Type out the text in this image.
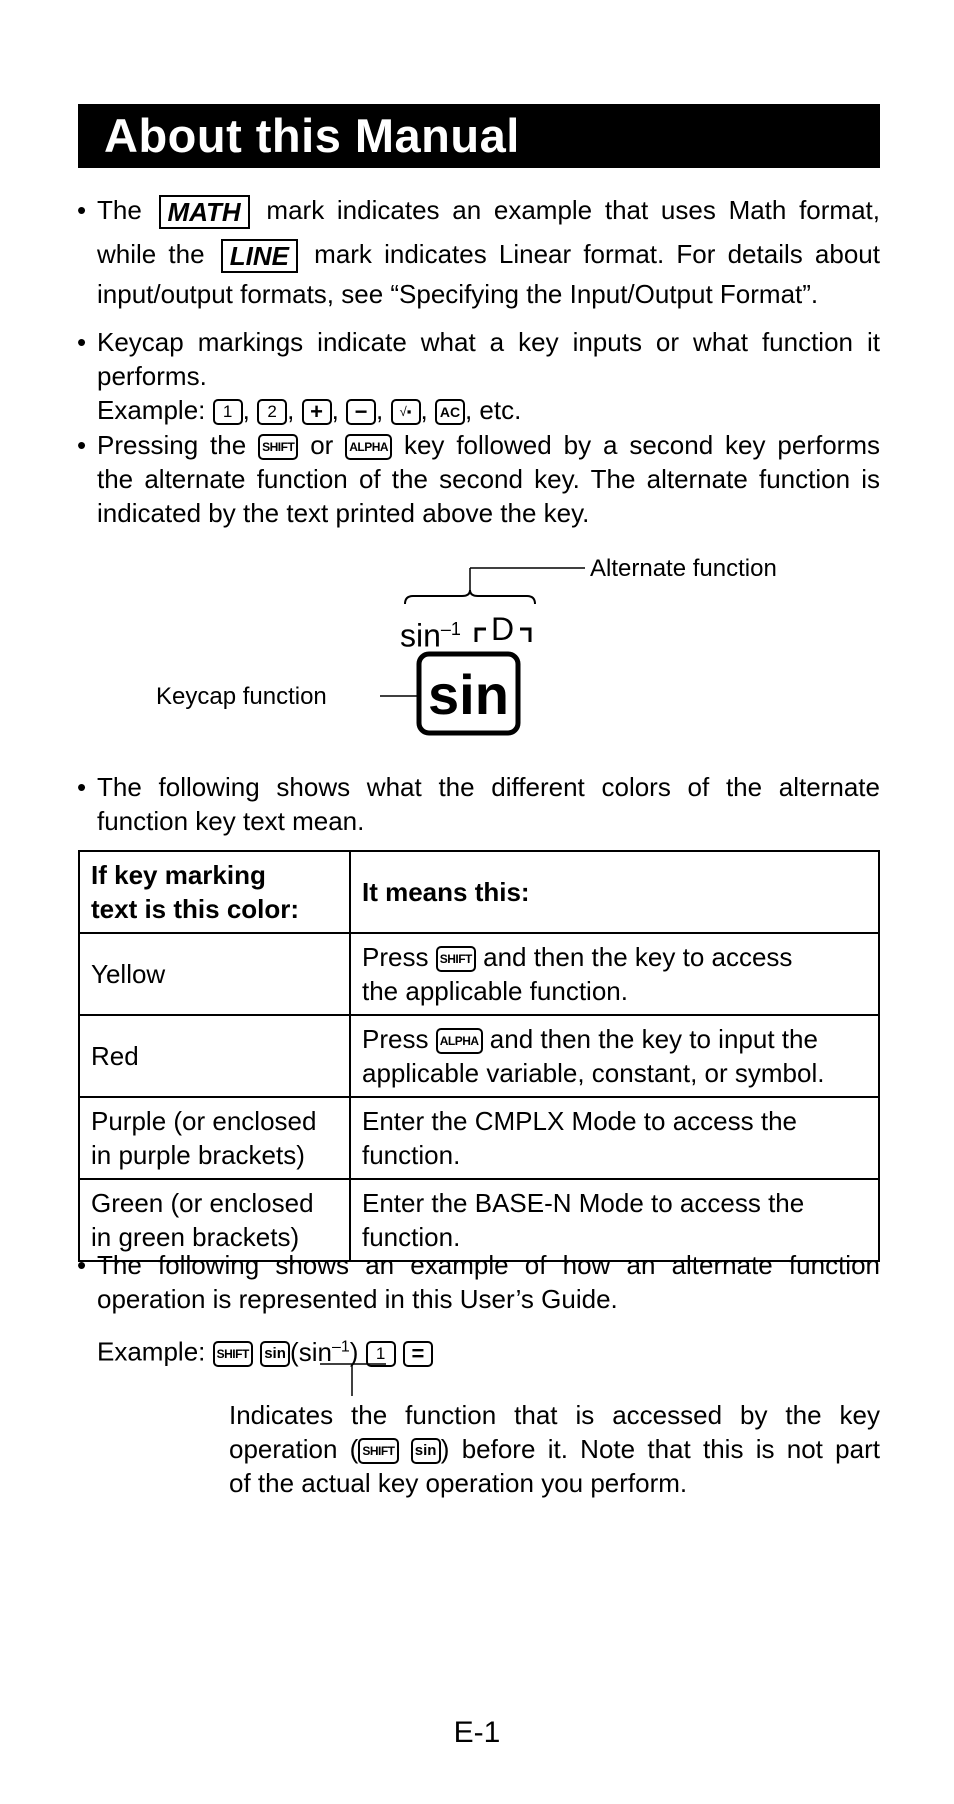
About this Manual
• The MATH mark indicates an example that uses Math format,
while the LINE mark indicates Linear format. For details about
input/output formats, see “Specifying the Input/Output Format”.
• Keycap markings indicate what a key inputs or what function it
performs.
Example: 1 , 2 , + , − , √▪ , AC , etc.
• Pressing the SHIFT or ALPHA key followed by a second key performs
the alternate function of the second key. The alternate function is
indicated by the text printed above the key.
Alternate function
Keycap function
$\sin^{-1} D$
sin
• The following shows what the different colors of the alternate
function key text mean.
If key marking
text is this color:	It means this:
Yellow	Press SHIFT and then the key to access
the applicable function.
Red	Press ALPHA and then the key to input the
applicable variable, constant, or symbol.
Purple (or enclosed
in purple brackets)	Enter the CMPLX Mode to access the
function.
Green (or enclosed
in green brackets)	Enter the BASE-N Mode to access the
function.
• The following shows an example of how an alternate function
operation is represented in this User’s Guide.
Example: SHIFT $\sin (\sin^{-1}) 1$ =
Indicates the function that is accessed by the key
operation ( SHIFT sin ) before it. Note that this is not part
of the actual key operation you perform.
E-1
